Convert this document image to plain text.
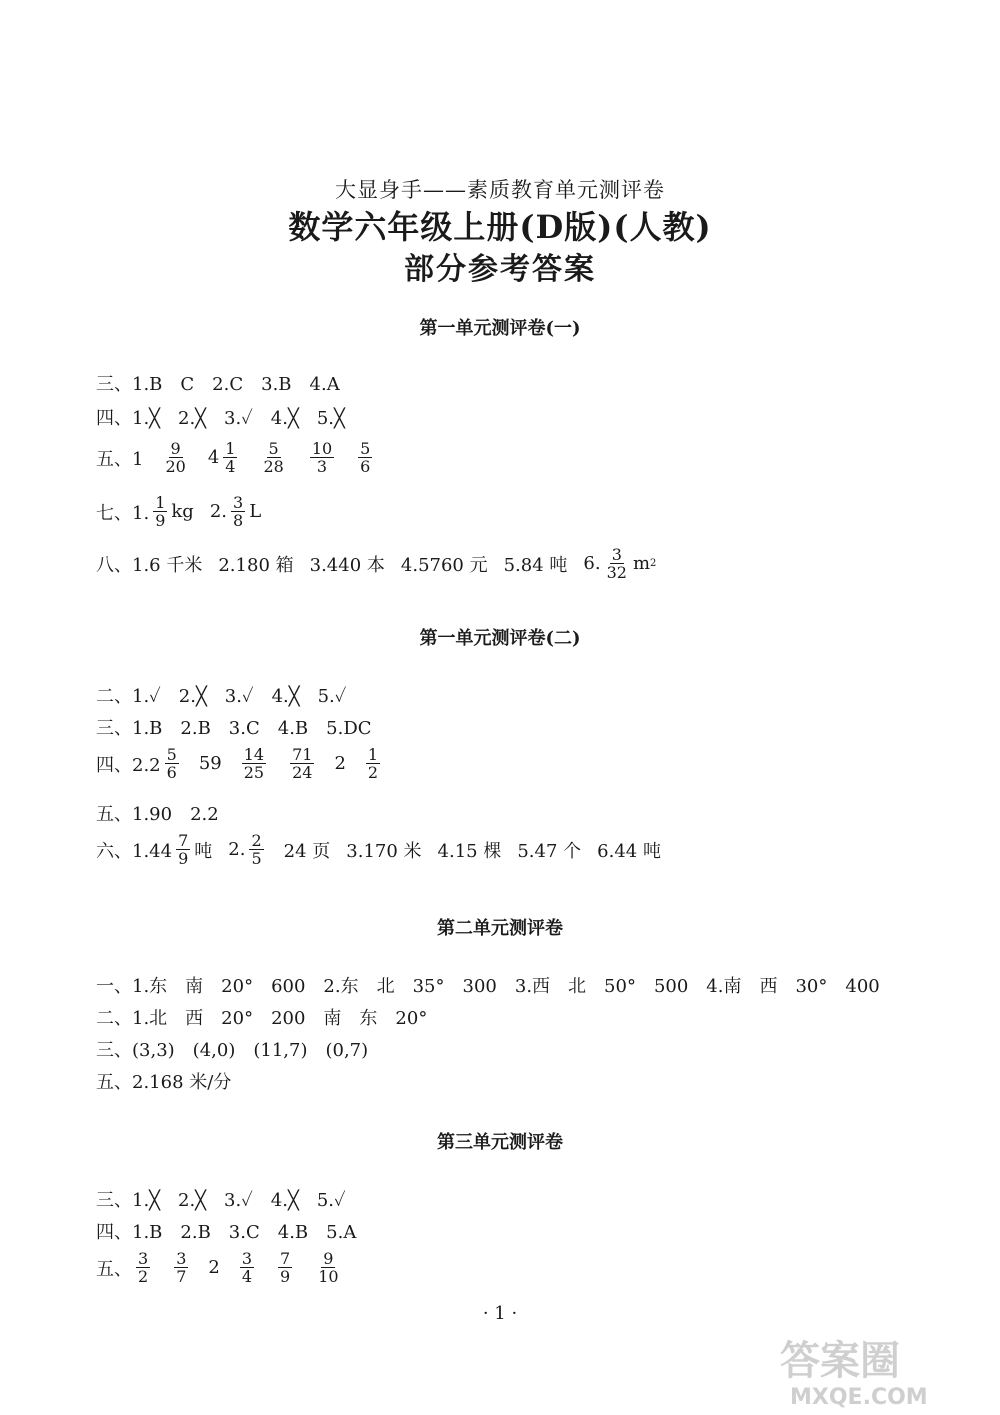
大显身手——素质教育单元测评卷
数学六年级上册(D版)(人教)
部分参考答案
第一单元测评卷(一)
三、1.B　C　2.C　3.B　4.A
四、1.╳　2.╳　3.✓　4.╳　5.╳
五、$1 \frac{9}{20} 4 \frac{1}{4} \frac{5}{28} \frac{10}{3} \frac{5}{6}$
七、1. $\frac{1}{9}$ kg 2. $\frac{3}{8}$ L
八、1.6 千米 2.180 箱 3.440 本 4.5760 元 5.84 吨 6. $\frac{3}{32}$ m 2
第一单元测评卷(二)
二、1.✓　2.╳　3.✓　4.╳　5.✓
三、1.B　2.B　3.C　4.B　5.DC
四、$2.2 \frac{5}{6} 59 \frac{14}{25} \frac{71}{24} 2 \frac{1}{2}$
五、1.90　2.2
六、$1.44 \frac{7}{9}$ 吨 2. $\frac{2}{5} 24$ 页 3.170 米 4.15 棵 5.47 个 6.44 吨
第二单元测评卷
一、1.东　南　20°　600　2.东　北　35°　300　3.西　北　50°　500　4.南　西　30°　400
二、1.北　西　20°　200　南　东　20°
三、(3,3)　(4,0)　(11,7)　(0,7)
五、2.168 米/分
第三单元测评卷
三、1.╳　2.╳　3.✓　4.╳　5.✓
四、1.B　2.B　3.C　4.B　5.A
五、 $\frac{3}{2} \frac{3}{7} 2 \frac{3}{4} \frac{7}{9} \frac{9}{10}$
· 1 ·
答案圈
MXQE.COM
